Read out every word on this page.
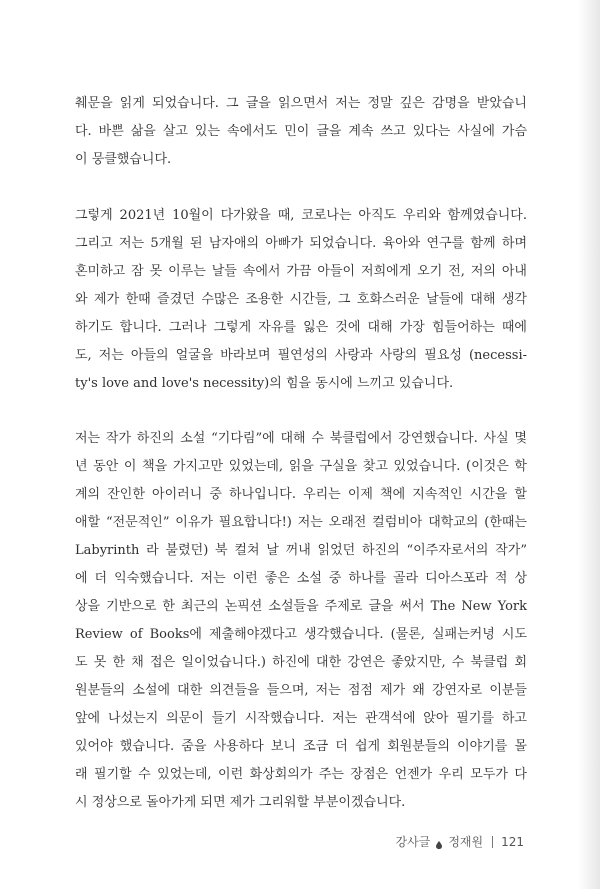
췌문을 읽게 되었습니다. 그 글을 읽으면서 저는 정말 깊은 감명을 받았습니
다. 바쁜 삶을 살고 있는 속에서도 민이 글을 계속 쓰고 있다는 사실에 가슴
이 뭉클했습니다.
그렇게 2021년 10월이 다가왔을 때, 코로나는 아직도 우리와 함께였습니다.
그리고 저는 5개월 된 남자애의 아빠가 되었습니다. 육아와 연구를 함께 하며
혼미하고 잠 못 이루는 날들 속에서 가끔 아들이 저희에게 오기 전, 저의 아내
와 제가 한때 즐겼던 수많은 조용한 시간들, 그 호화스러운 날들에 대해 생각
하기도 합니다. 그러나 그렇게 자유를 잃은 것에 대해 가장 힘들어하는 때에
도, 저는 아들의 얼굴을 바라보며 필연성의 사랑과 사랑의 필요성 (necessi-
ty's love and love's necessity)의 힘을 동시에 느끼고 있습니다.
저는 작가 하진의 소설 “기다림”에 대해 수 북클럽에서 강연했습니다. 사실 몇
년 동안 이 책을 가지고만 있었는데, 읽을 구실을 찾고 있었습니다. (이것은 학
계의 잔인한 아이러니 중 하나입니다. 우리는 이제 책에 지속적인 시간을 할
애할 “전문적인” 이유가 필요합니다!) 저는 오래전 컬럼비아 대학교의 (한때는
Labyrinth 라 불렸던) 북 컬쳐 날 꺼내 읽었던 하진의 “이주자로서의 작가”
에 더 익숙했습니다. 저는 이런 좋은 소설 중 하나를 골라 디아스포라 적 상
상을 기반으로 한 최근의 논픽션 소설들을 주제로 글을 써서 The New York
Review of Books에 제출해야겠다고 생각했습니다. (물론, 실패는커녕 시도
도 못 한 채 접은 일이었습니다.) 하진에 대한 강연은 좋았지만, 수 북클럽 회
원분들의 소설에 대한 의견들을 들으며, 저는 점점 제가 왜 강연자로 이분들
앞에 나섰는지 의문이 들기 시작했습니다. 저는 관객석에 앉아 필기를 하고
있어야 했습니다. 줌을 사용하다 보니 조금 더 쉽게 회원분들의 이야기를 몰
래 필기할 수 있었는데, 이런 화상회의가 주는 장점은 언젠가 우리 모두가 다
시 정상으로 돌아가게 되면 제가 그리워할 부분이겠습니다.
강사글 정재원 121
